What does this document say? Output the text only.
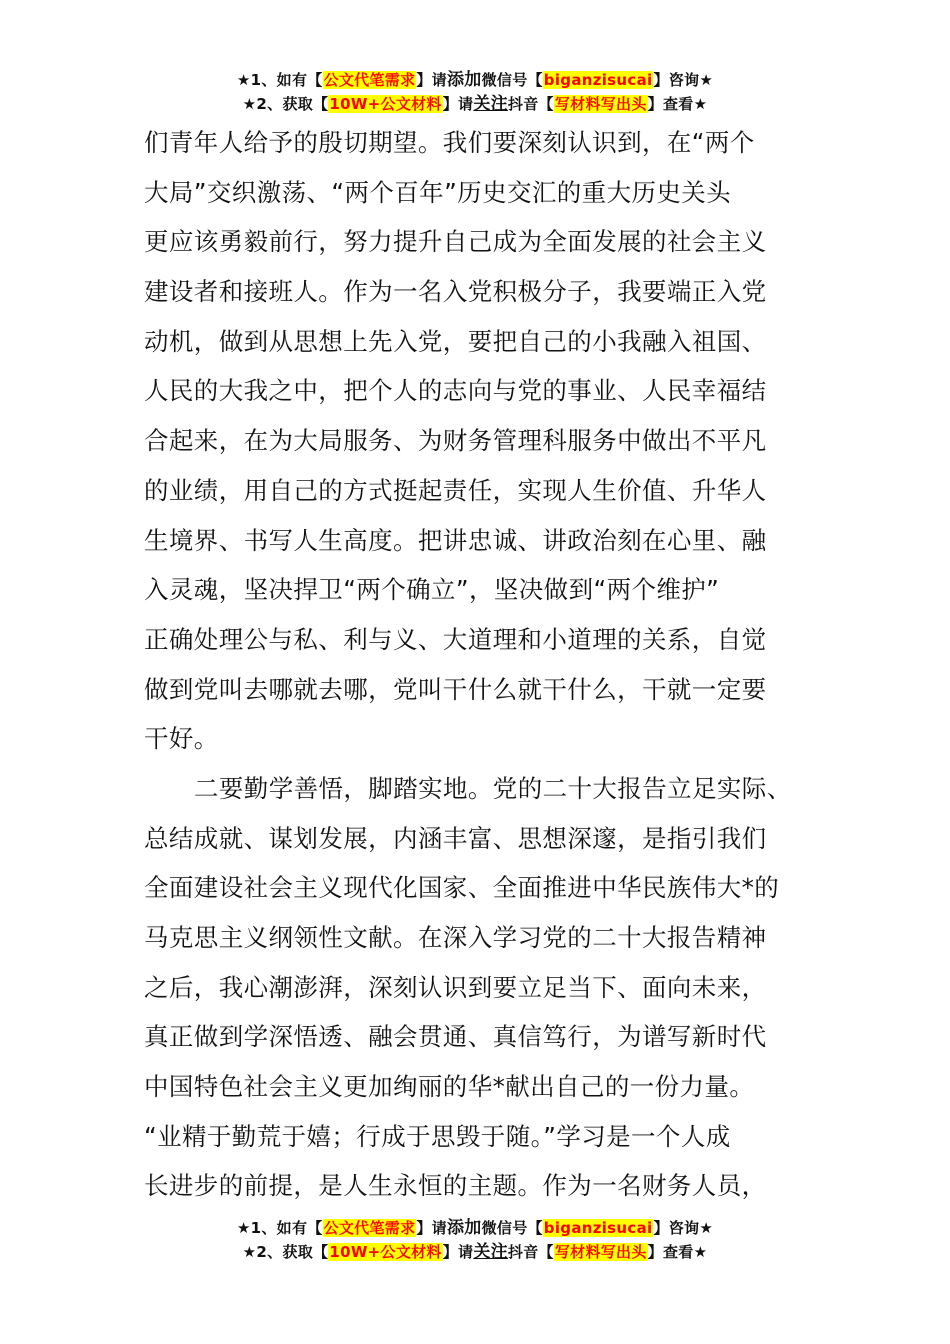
★1、如有【公文代笔需求】请添加微信号【biganzisucai】咨询★
★2、获取【10W+公文材料】请关注抖音【写材料写出头】查看★
们青年人给予的殷切期望。我们要深刻认识到，在“两个
大局”交织激荡、“两个百年”历史交汇的重大历史关头
更应该勇毅前行，努力提升自己成为全面发展的社会主义
建设者和接班人。作为一名入党积极分子，我要端正入党
动机，做到从思想上先入党，要把自己的小我融入祖国、
人民的大我之中，把个人的志向与党的事业、人民幸福结
合起来，在为大局服务、为财务管理科服务中做出不平凡
的业绩，用自己的方式挺起责任，实现人生价值、升华人
生境界、书写人生高度。把讲忠诚、讲政治刻在心里、融
入灵魂，坚决捍卫“两个确立”，坚决做到“两个维护”
正确处理公与私、利与义、大道理和小道理的关系，自觉
做到党叫去哪就去哪，党叫干什么就干什么，干就一定要
干好。
二要勤学善悟，脚踏实地。党的二十大报告立足实际、
总结成就、谋划发展，内涵丰富、思想深邃，是指引我们
全面建设社会主义现代化国家、全面推进中华民族伟大*的
马克思主义纲领性文献。在深入学习党的二十大报告精神
之后，我心潮澎湃，深刻认识到要立足当下、面向未来，
真正做到学深悟透、融会贯通、真信笃行，为谱写新时代
中国特色社会主义更加绚丽的华*献出自己的一份力量。
“业精于勤荒于嬉；行成于思毁于随。”学习是一个人成
长进步的前提，是人生永恒的主题。作为一名财务人员，
★1、如有【公文代笔需求】请添加微信号【biganzisucai】咨询★
★2、获取【10W+公文材料】请关注抖音【写材料写出头】查看★
